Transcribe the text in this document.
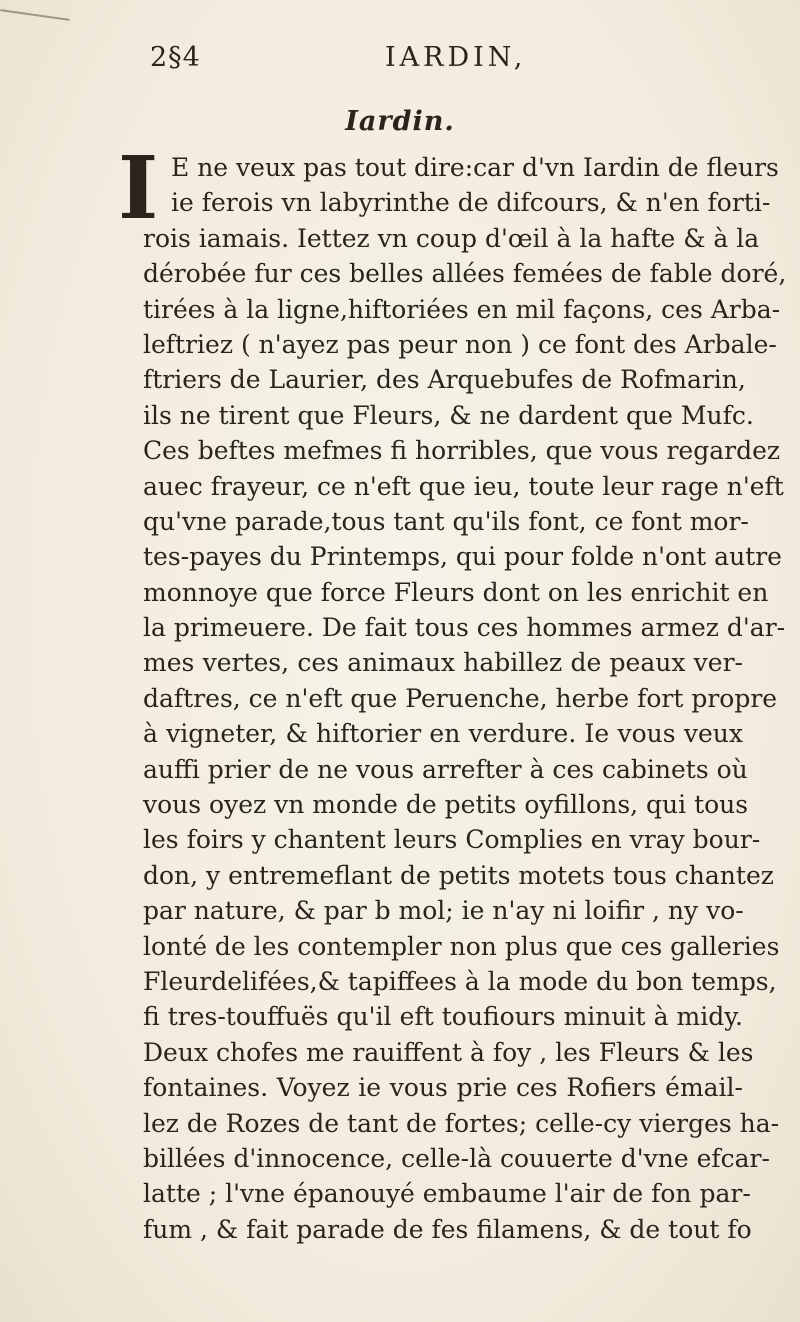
2§4	IARDIN,
Iardin.
I E ne veux pas tout dire:car d'vn Iardin de fleurs
ie ferois vn labyrinthe de difcours, & n'en forti-
rois iamais. Iettez vn coup d'œil à la hafte & à la
dérobée fur ces belles allées femées de fable doré,
tirées à la ligne,hiftoriées en mil façons, ces Arba-
leftriez ( n'ayez pas peur non ) ce font des Arbale-
ftriers de Laurier, des Arquebufes de Rofmarin,
ils ne tirent que Fleurs, & ne dardent que Mufc.
Ces beftes mefmes fi horribles, que vous regardez
auec frayeur, ce n'eft que ieu, toute leur rage n'eft
qu'vne parade,tous tant qu'ils font, ce font mor-
tes-payes du Printemps, qui pour folde n'ont autre
monnoye que force Fleurs dont on les enrichit en
la primeuere. De fait tous ces hommes armez d'ar-
mes vertes, ces animaux habillez de peaux ver-
daftres, ce n'eft que Peruenche, herbe fort propre
à vigneter, & hiftorier en verdure. Ie vous veux
auffi prier de ne vous arrefter à ces cabinets où
vous oyez vn monde de petits oyfillons, qui tous
les foirs y chantent leurs Complies en vray bour-
don, y entremeflant de petits motets tous chantez
par nature, & par b mol; ie n'ay ni loifir , ny vo-
lonté de les contempler non plus que ces galleries
Fleurdelifées,& tapiffees à la mode du bon temps,
fi tres-touffuës qu'il eft toufiours minuit à midy.
Deux chofes me rauiffent à foy , les Fleurs & les
fontaines. Voyez ie vous prie ces Rofiers émail-
lez de Rozes de tant de fortes; celle-cy vierges ha-
billées d'innocence, celle-là couuerte d'vne efcar-
latte ; l'vne épanouyé embaume l'air de fon par-
fum , & fait parade de fes filamens, & de tout fo
